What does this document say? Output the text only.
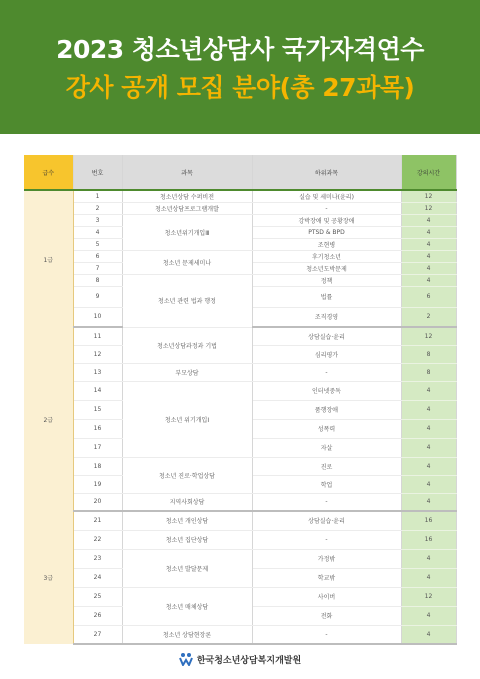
2023 청소년상담사 국가자격연수
강사 공개 모집 분야(총 27과목)
급수	번호	과목	하위과목	강의시간
1급	1	청소년상담 수퍼비전	실습 및 세미나(윤리)	12
	2	청소년상담프로그램개발	-	12
	3	청소년위기개입Ⅲ	강박장애 및 공황장애	4
	4		PTSD & BPD	4
	5		조현병	4
	6	청소년 문제세미나	후기청소년	4
	7		청소년도박문제	4
	8	청소년 관련 법과 행정	정책	4
	9		법률	6
	10		조직경영	2
2급	11	청소년상담과정과 기법	상담실습·윤리	12
	12		심리평가	8
	13	부모상담	-	8
	14	청소년 위기개입Ⅰ	인터넷중독	4
	15		품행장애	4
	16		성폭력	4
	17		자살	4
	18	청소년 진로·학업상담	진로	4
	19		학업	4
	20	지역사회상담	-	4
3급	21	청소년 개인상담	상담실습·윤리	16
	22	청소년 집단상담	-	16
	23	청소년 발달문제	가정밖	4
	24		학교밖	4
	25	청소년 매체상담	사이버	12
	26		전화	4
	27	청소년 상담현장론	-	4
한국청소년상담복지개발원
